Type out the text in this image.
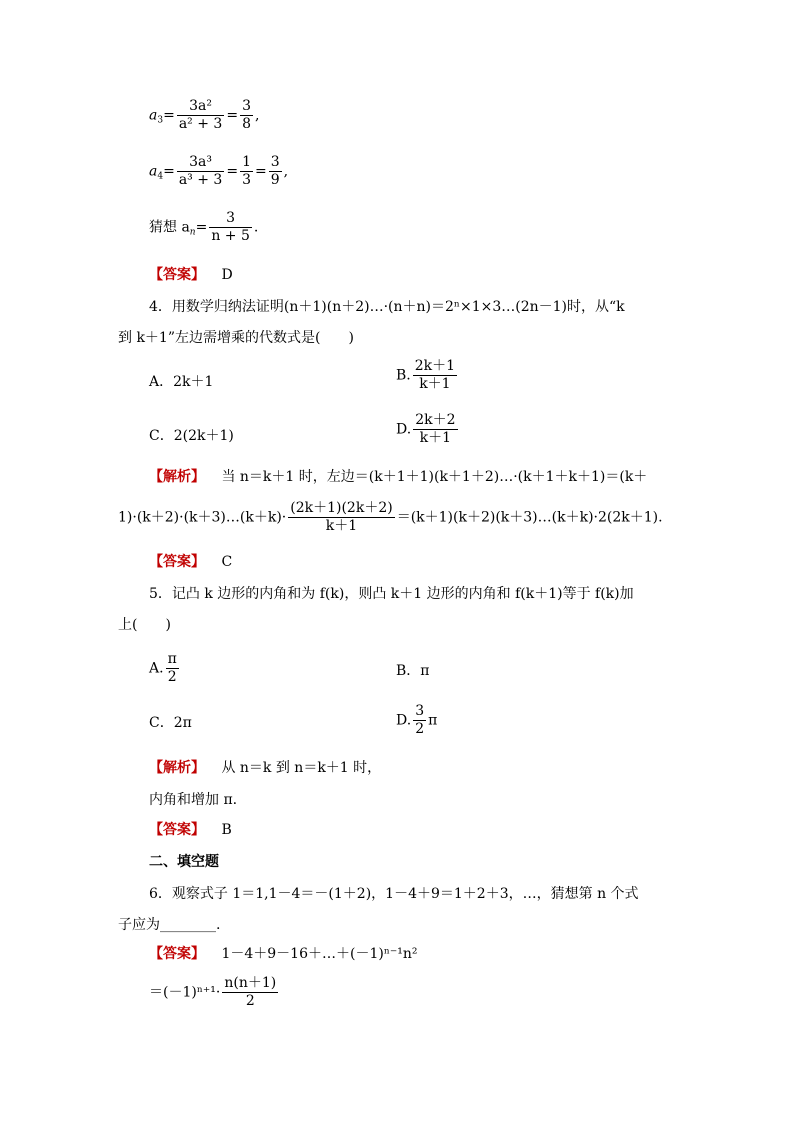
$a_3= \frac{\text{3a²}}{\text{a² + 3}} = \frac{3}{8}$ ,
$a_4= \frac{\text{3a³}}{\text{a³ + 3}} = \frac{1}{3} = \frac{3}{9}$ ,
猜想 $a_n= \frac{3}{n + 5}$ .
【答案】 D
4．用数学归纳法证明(n＋1)(n＋2)…·(n＋n)＝2ⁿ×1×3…(2n－1)时，从“k
到 k＋1”左边需增乘的代数式是(　　)
A．2k＋1	B. $\frac{2k+1}{k+1}$
C．2(2k＋1)	D. $\frac{2k+2}{k+1}$
【解析】 当 n＝k＋1 时，左边＝(k＋1＋1)(k＋1＋2)…·(k＋1＋k＋1)＝(k＋
1)·(k＋2)·(k＋3)…(k＋k)· $\frac{(2k+1)(2k+2)}{k+1}$ ＝(k＋1)(k＋2)(k＋3)…(k＋k)·2(2k＋1).
【答案】 C
5．记凸 k 边形的内角和为 f(k)，则凸 k＋1 边形的内角和 f(k＋1)等于 f(k)加
上(　　)
A. $\frac{\pi}{2}$	B．π
C．2π	D. $\frac{3}{2}$ π
【解析】 从 n＝k 到 n＝k＋1 时，
内角和增加 π.
【答案】 B
二、填空题
6．观察式子 1＝1,1－4＝－(1＋2)，1－4＋9＝1＋2＋3，…，猜想第 n 个式
子应为________.
【答案】 1－4＋9－16＋…＋(－1)ⁿ⁻¹n²
$=(-1)^{n+1}\cdot \frac{n(n+1)}{2}$
